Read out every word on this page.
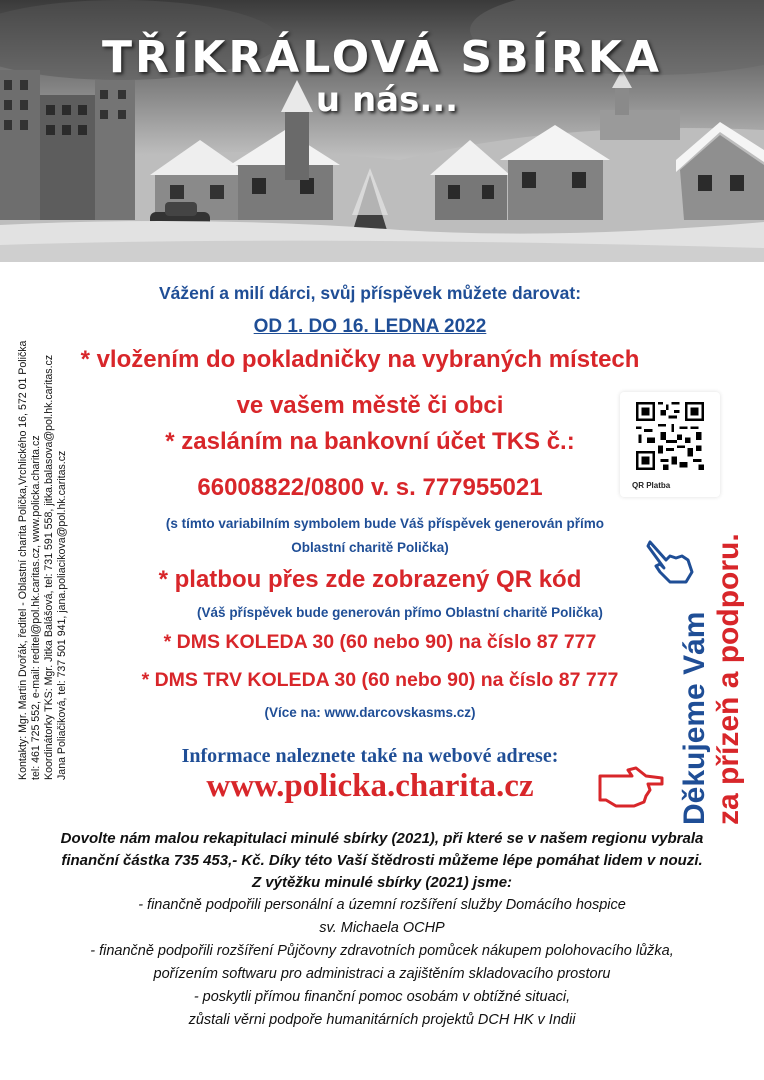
TŘÍKRÁLOVÁ SBÍRKA
u nás...
Kontakty: Mgr. Martin Dvořák, ředitel - Oblastní charita Polička,Vrchlického 16, 572 01 Polička tel: 461 725 552, e-mail: reditel@pol.hk.caritas.cz, www.policka.charita.cz Koordinátorky TKS: Mgr. Jitka Balášová, tel: 731 591 558, jitka.balasova@pol.hk.caritas.cz Jana Poliačiková, tel: 737 501 941, jana.poliacikova@pol.hk.caritas.cz
Vážení a milí dárci, svůj příspěvek můžete darovat:
OD 1. DO 16. LEDNA 2022
* vložením do pokladničky na vybraných místech
ve vašem městě či obci
* zasláním na bankovní účet TKS č.:
66008822/0800 v. s. 777955021
(s tímto variabilním symbolem bude Váš příspěvek generován přímo
Oblastní charitě Polička)
* platbou přes zde zobrazený QR kód
(Váš příspěvek bude generován přímo Oblastní charitě Polička)
* DMS KOLEDA 30 (60 nebo 90) na číslo 87 777
* DMS TRV KOLEDA 30 (60 nebo 90) na číslo 87 777
(Více na: www.darcovskasms.cz)
Informace naleznete také na webové adrese:
www.policka.charita.cz
QR Platba
Děkujeme Vám za přízeň a podporu.
Dovolte nám malou rekapitulaci minulé sbírky (2021), při které se v našem regionu vybrala
finanční částka 735 453,- Kč. Díky této Vaší štědrosti můžeme lépe pomáhat lidem v nouzi.
Z výtěžku minulé sbírky (2021) jsme:
- finančně podpořili personální a územní rozšíření služby Domácího hospice
sv. Michaela OCHP
- finančně podpořili rozšíření Půjčovny zdravotních pomůcek nákupem polohovacího lůžka,
pořízením softwaru pro administraci a zajištěním skladovacího prostoru
- poskytli přímou finanční pomoc osobám v obtížné situaci,
zůstali věrni podpoře humanitárních projektů DCH HK v Indii
